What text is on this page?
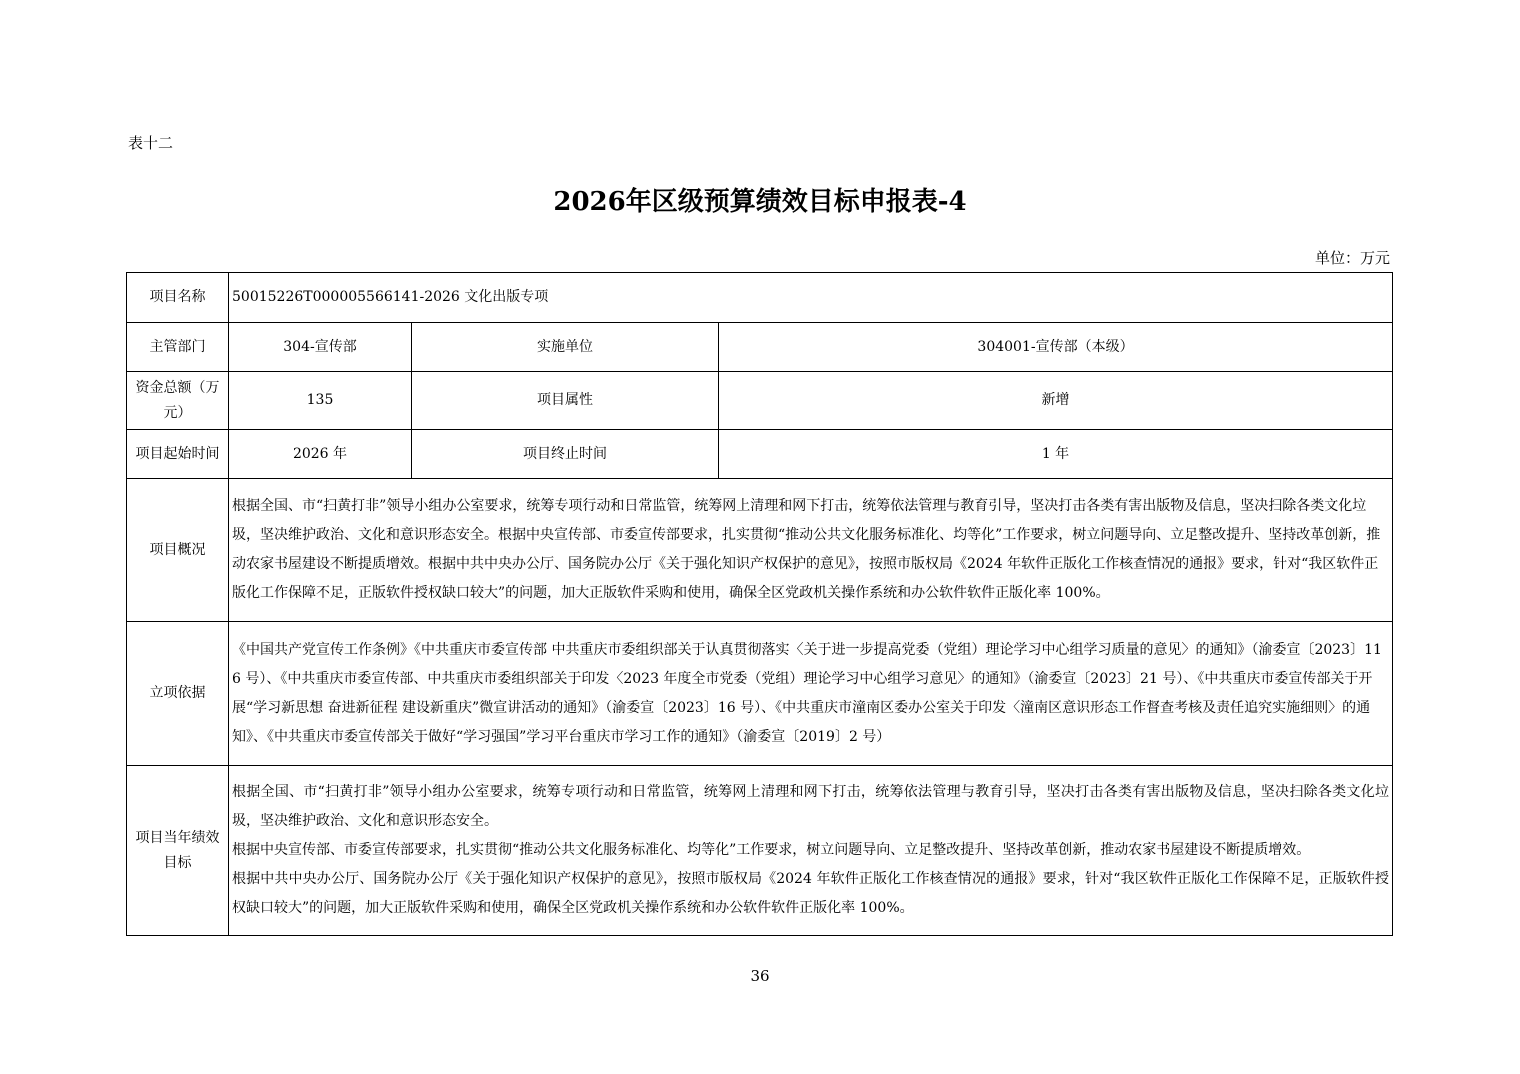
表十二
2026年区级预算绩效目标申报表-4
单位：万元
项目名称	50015226T000005566141-2026 文化出版专项		
主管部门	304-宣传部	实施单位	304001-宣传部（本级）
资金总额（万元）	135	项目属性	新增
项目起始时间	2026 年	项目终止时间	1 年
项目概况	根据全国、市“扫黄打非”领导小组办公室要求，统筹专项行动和日常监管，统筹网上清理和网下打击，统筹依法管理与教育引导，坚决打击各类有害出版物及信息，坚决扫除各类文化垃圾，坚决维护政治、文化和意识形态安全。根据中央宣传部、市委宣传部要求，扎实贯彻“推动公共文化服务标准化、均等化”工作要求，树立问题导向、立足整改提升、坚持改革创新，推动农家书屋建设不断提质增效。根据中共中央办公厅、国务院办公厅《关于强化知识产权保护的意见》，按照市版权局《2024 年软件正版化工作核查情况的通报》要求，针对“我区软件正版化工作保障不足，正版软件授权缺口较大”的问题，加大正版软件采购和使用，确保全区党政机关操作系统和办公软件软件正版化率 100%。		
立项依据	《中国共产党宣传工作条例》《中共重庆市委宣传部 中共重庆市委组织部关于认真贯彻落实〈关于进一步提高党委（党组）理论学习中心组学习质量的意见〉的通知》（渝委宣〔2023〕116 号）、《中共重庆市委宣传部、中共重庆市委组织部关于印发〈2023 年度全市党委（党组）理论学习中心组学习意见〉的通知》（渝委宣〔2023〕21 号）、《中共重庆市委宣传部关于开展“学习新思想 奋进新征程 建设新重庆”微宣讲活动的通知》（渝委宣〔2023〕16 号）、《中共重庆市潼南区委办公室关于印发〈潼南区意识形态工作督查考核及责任追究实施细则〉的通知》、《中共重庆市委宣传部关于做好“学习强国”学习平台重庆市学习工作的通知》（渝委宣〔2019〕2 号）		
项目当年绩效目标	根据全国、市“扫黄打非”领导小组办公室要求，统筹专项行动和日常监管，统筹网上清理和网下打击，统筹依法管理与教育引导，坚决打击各类有害出版物及信息，坚决扫除各类文化垃圾，坚决维护政治、文化和意识形态安全。
根据中央宣传部、市委宣传部要求，扎实贯彻“推动公共文化服务标准化、均等化”工作要求，树立问题导向、立足整改提升、坚持改革创新，推动农家书屋建设不断提质增效。
根据中共中央办公厅、国务院办公厅《关于强化知识产权保护的意见》，按照市版权局《2024 年软件正版化工作核查情况的通报》要求，针对“我区软件正版化工作保障不足，正版软件授权缺口较大”的问题，加大正版软件采购和使用，确保全区党政机关操作系统和办公软件软件正版化率 100%。		
36
